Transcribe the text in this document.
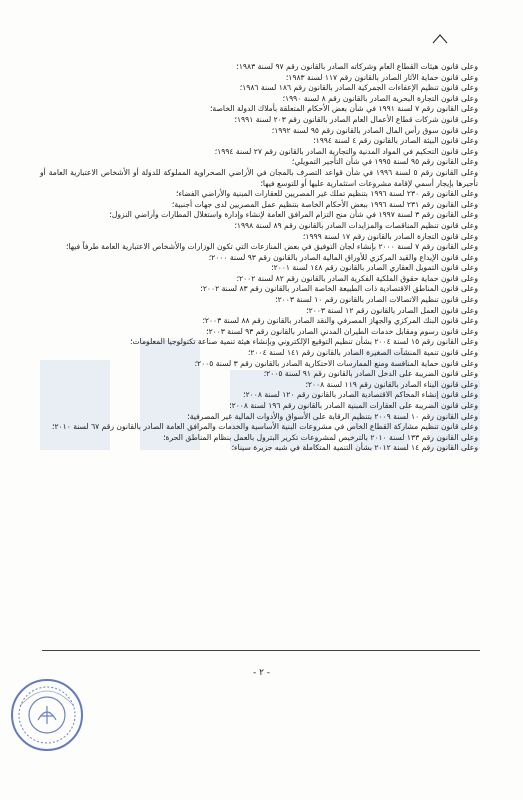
وعلى قانون هيئات القطاع العام وشركاته الصادر بالقانون رقم ٩٧ لسنة ١٩٨٣؛

وعلى قانون حماية الآثار الصادر بالقانون رقم ١١٧ لسنة ١٩٨٣؛

وعلى قانون تنظيم الإعفاءات الجمركية الصادر بالقانون رقم ١٨٦ لسنة ١٩٨٦؛

وعلى قانون التجارة البحرية الصادر بالقانون رقم ٨ لسنة ١٩٩٠؛

وعلى القانون رقم ٧ لسنة ١٩٩١ في شأن بعض الأحكام المتعلقة بأملاك الدولة الخاصة؛

وعلى قانون شركات قطاع الأعمال العام الصادر بالقانون رقم ٢٠٣ لسنة ١٩٩١؛

وعلى قانون سوق رأس المال الصادر بالقانون رقم ٩٥ لسنة ١٩٩٢؛

وعلى قانون البيئة الصادر بالقانون رقم ٤ لسنة ١٩٩٤؛

وعلى قانون التحكيم في المواد المدنية والتجارية الصادر بالقانون رقم ٢٧ لسنة ١٩٩٤؛

وعلى القانون رقم ٩٥ لسنة ١٩٩٥ في شأن التأجير التمويلي؛

وعلى القانون رقم ٥ لسنة ١٩٩٦ في شأن قواعد التصرف بالمجان في الأراضي الصحراوية المملوكة للدولة أو الأشخاص الاعتبارية العامة أو تأجيرها بإيجار أسمي لإقامة مشروعات استثمارية عليها أو للتوسع فيها؛

وعلى القانون رقم ٢٣٠ لسنة ١٩٩٦ بتنظيم تملك غير المصريين للعقارات المبنية والأراضي الفضاء؛

وعلى القانون رقم ٢٣١ لسنة ١٩٩٦ ببعض الأحكام الخاصة بتنظيم عمل المصريين لدى جهات أجنبية؛

وعلى القانون رقم ٣ لسنة ١٩٩٧ في شأن منح التزام المرافق العامة لإنشاء وإدارة واستغلال المطارات وأراضي النزول؛

وعلى قانون تنظيم المناقصات والمزايدات الصادر بالقانون رقم ٨٩ لسنة ١٩٩٨؛

وعلى قانون التجارة الصادر بالقانون رقم ١٧ لسنة ١٩٩٩؛

وعلى القانون رقم ٧ لسنة ٢٠٠٠ بإنشاء لجان التوفيق في بعض المنازعات التي تكون الوزارات والأشخاص الاعتبارية العامة طرفاً فيها؛

وعلى قانون الإيداع والقيد المركزي للأوراق المالية الصادر بالقانون رقم ٩٣ لسنة ٢٠٠٠؛

وعلى قانون التمويل العقاري الصادر بالقانون رقم ١٤٨ لسنة ٢٠٠١؛

وعلى قانون حماية حقوق الملكية الفكرية الصادر بالقانون رقم ٨٢ لسنة ٢٠٠٢؛

وعلى قانون المناطق الاقتصادية ذات الطبيعة الخاصة الصادر بالقانون رقم ٨٣ لسنة ٢٠٠٢؛

وعلى قانون تنظيم الاتصالات الصادر بالقانون رقم ١٠ لسنة ٢٠٠٣؛

وعلى قانون العمل الصادر بالقانون رقم ١٢ لسنة ٢٠٠٣؛

وعلى قانون البنك المركزي والجهاز المصرفي والنقد الصادر بالقانون رقم ٨٨ لسنة ٢٠٠٣؛

وعلى قانون رسوم ومقابل خدمات الطيران المدني الصادر بالقانون رقم ٩٣ لسنة ٢٠٠٣؛

وعلى القانون رقم ١٥ لسنة ٢٠٠٤ بشأن تنظيم التوقيع الإلكتروني وبإنشاء هيئة تنمية صناعة تكنولوجيا المعلومات؛

وعلى قانون تنمية المنشآت الصغيرة الصادر بالقانون رقم ١٤١ لسنة ٢٠٠٤؛

وعلى قانون حماية المنافسة ومنع الممارسات الاحتكارية الصادر بالقانون رقم ٣ لسنة ٢٠٠٥؛

وعلى قانون الضريبة على الدخل الصادر بالقانون رقم ٩١ لسنة ٢٠٠٥؛

وعلى قانون البناء الصادر بالقانون رقم ١١٩ لسنة ٢٠٠٨؛

وعلى قانون إنشاء المحاكم الاقتصادية الصادر بالقانون رقم ١٢٠ لسنة ٢٠٠٨؛

وعلى قانون الضريبة على العقارات المبنية الصادر بالقانون رقم ١٩٦ لسنة ٢٠٠٨؛

وعلى القانون رقم ١٠ لسنة ٢٠٠٩ بتنظيم الرقابة على الأسواق والأدوات المالية غير المصرفية؛

وعلى قانون تنظيم مشاركة القطاع الخاص في مشروعات البنية الأساسية والخدمات والمرافق العامة الصادر بالقانون رقم ٦٧ لسنة ٢٠١٠؛

وعلى القانون رقم ١٣٣ لسنة ٢٠١٠ بالترخيص لمشروعات تكرير البترول بالعمل بنظام المناطق الحرة؛

وعلى القانون رقم ١٤ لسنة ٢٠١٢ بشأن التنمية المتكاملة في شبه جزيرة سيناء؛

- ٢ -
